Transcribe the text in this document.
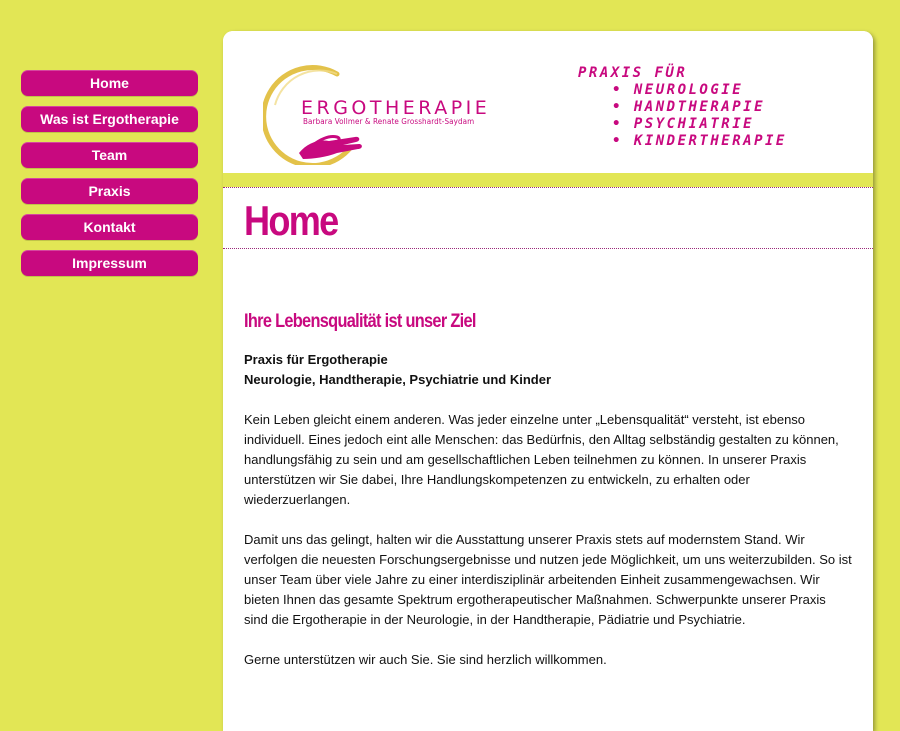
Home
Was ist Ergotherapie
Team
Praxis
Kontakt
Impressum
ERGOTHERAPIE
Barbara Vollmer & Renate Grosshardt-Saydam
PRAXIS FÜR
• NEUROLOGIE
• HANDTHERAPIE
• PSYCHIATRIE
• KINDERTHERAPIE
Home
Ihre Lebensqualität ist unser Ziel

Praxis für Ergotherapie
Neurologie, Handtherapie, Psychiatrie und Kinder

Kein Leben gleicht einem anderen. Was jeder einzelne unter „Lebensqualität“ versteht, ist ebenso individuell. Eines jedoch eint alle Menschen: das Bedürfnis, den Alltag selbständig gestalten zu können, handlungsfähig zu sein und am gesellschaftlichen Leben teilnehmen zu können. In unserer Praxis unterstützen wir Sie dabei, Ihre Handlungskompetenzen zu entwickeln, zu erhalten oder wiederzuerlangen.

Damit uns das gelingt, halten wir die Ausstattung unserer Praxis stets auf modernstem Stand. Wir verfolgen die neuesten Forschungsergebnisse und nutzen jede Möglichkeit, um uns weiterzubilden. So ist unser Team über viele Jahre zu einer interdisziplinär arbeitenden Einheit zusammengewachsen. Wir bieten Ihnen das gesamte Spektrum ergotherapeutischer Maßnahmen. Schwerpunkte unserer Praxis sind die Ergotherapie in der Neurologie, in der Handtherapie, Pädiatrie und Psychiatrie.

Gerne unterstützen wir auch Sie. Sie sind herzlich willkommen.
